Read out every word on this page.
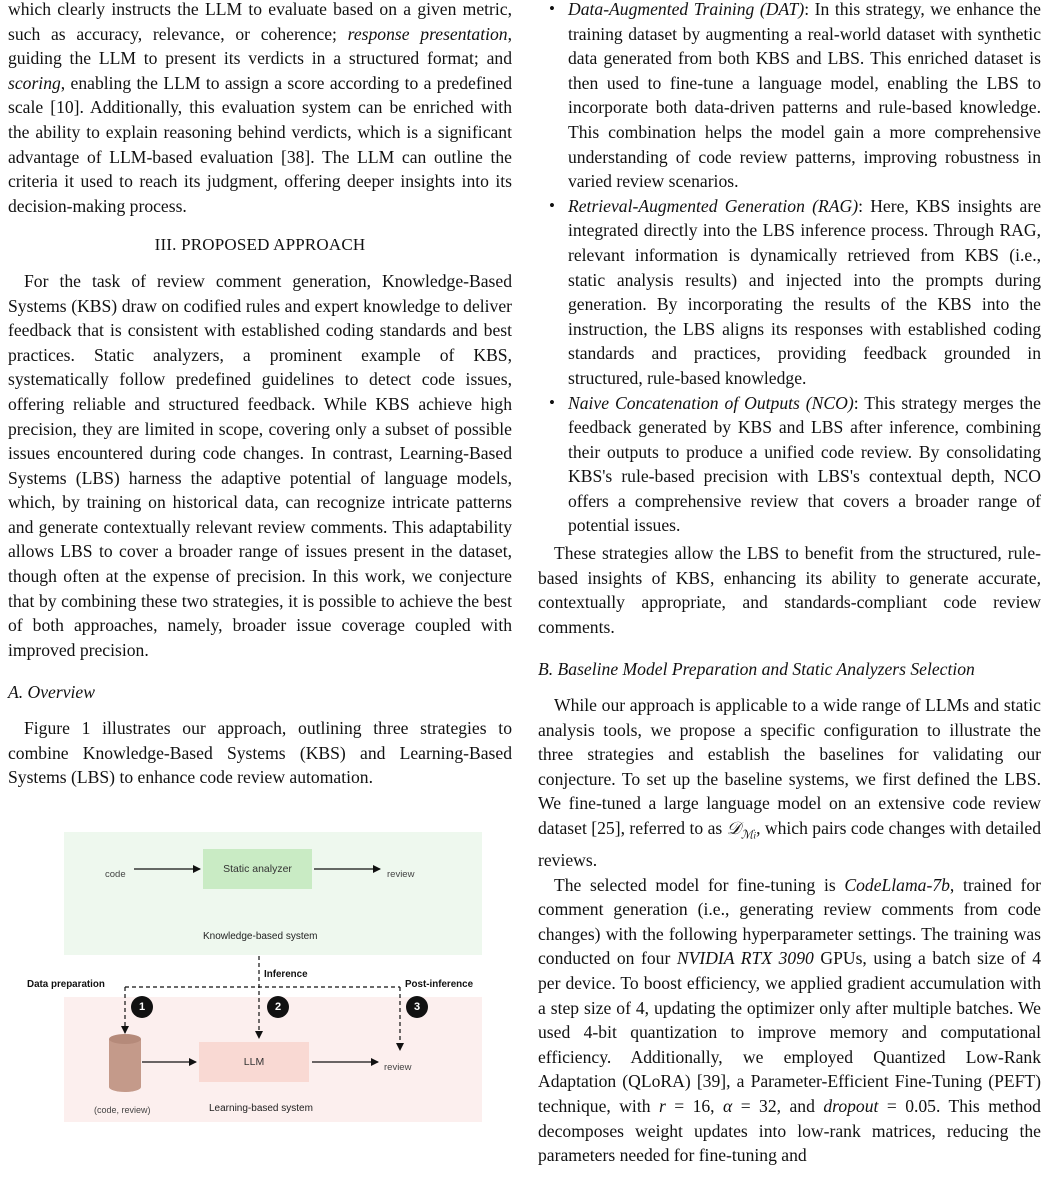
which clearly instructs the LLM to evaluate based on a given metric, such as accuracy, relevance, or coherence; response presentation, guiding the LLM to present its verdicts in a structured format; and scoring, enabling the LLM to assign a score according to a predefined scale [10]. Additionally, this evaluation system can be enriched with the ability to explain reasoning behind verdicts, which is a significant advantage of LLM-based evaluation [38]. The LLM can outline the criteria it used to reach its judgment, offering deeper insights into its decision-making process.

III. PROPOSED APPROACH

For the task of review comment generation, Knowledge-Based Systems (KBS) draw on codified rules and expert knowledge to deliver feedback that is consistent with established coding standards and best practices. Static analyzers, a prominent example of KBS, systematically follow predefined guidelines to detect code issues, offering reliable and structured feedback. While KBS achieve high precision, they are limited in scope, covering only a subset of possible issues encountered during code changes. In contrast, Learning-Based Systems (LBS) harness the adaptive potential of language models, which, by training on historical data, can recognize intricate patterns and generate contextually relevant review comments. This adaptability allows LBS to cover a broader range of issues present in the dataset, though often at the expense of precision. In this work, we conjecture that by combining these two strategies, it is possible to achieve the best of both approaches, namely, broader issue coverage coupled with improved precision.

A. Overview

Figure 1 illustrates our approach, outlining three strategies to combine Knowledge-Based Systems (KBS) and Learning-Based Systems (LBS) to enhance code review automation.

code	Static analyzer	review
Knowledge-based system
Inference
Data preparation	Post-inference
1	2	3
LLM	review
(code, review)	Learning-based system
• Data-Augmented Training (DAT): In this strategy, we enhance the training dataset by augmenting a real-world dataset with synthetic data generated from both KBS and LBS. This enriched dataset is then used to fine-tune a language model, enabling the LBS to incorporate both data-driven patterns and rule-based knowledge. This combination helps the model gain a more comprehensive understanding of code review patterns, improving robustness in varied review scenarios.
• Retrieval-Augmented Generation (RAG): Here, KBS insights are integrated directly into the LBS inference process. Through RAG, relevant information is dynamically retrieved from KBS (i.e., static analysis results) and injected into the prompts during generation. By incorporating the results of the KBS into the instruction, the LBS aligns its responses with established coding standards and practices, providing feedback grounded in structured, rule-based knowledge.
• Naive Concatenation of Outputs (NCO): This strategy merges the feedback generated by KBS and LBS after inference, combining their outputs to produce a unified code review. By consolidating KBS's rule-based precision with LBS's contextual depth, NCO offers a comprehensive review that covers a broader range of potential issues.

These strategies allow the LBS to benefit from the structured, rule-based insights of KBS, enhancing its ability to generate accurate, contextually appropriate, and standards-compliant code review comments.

B. Baseline Model Preparation and Static Analyzers Selection

While our approach is applicable to a wide range of LLMs and static analysis tools, we propose a specific configuration to illustrate the three strategies and establish the baselines for validating our conjecture. To set up the baseline systems, we first defined the LBS. We fine-tuned a large language model on an extensive code review dataset [25], referred to as 𝒟$_{ℳi}$, which pairs code changes with detailed reviews.

The selected model for fine-tuning is CodeLlama-7b, trained for comment generation (i.e., generating review comments from code changes) with the following hyperparameter settings. The training was conducted on four NVIDIA RTX 3090 GPUs, using a batch size of 4 per device. To boost efficiency, we applied gradient accumulation with a step size of 4, updating the optimizer only after multiple batches. We used 4-bit quantization to improve memory and computational efficiency. Additionally, we employed Quantized Low-Rank Adaptation (QLoRA) [39], a Parameter-Efficient Fine-Tuning (PEFT) technique, with r = 16, α = 32, and dropout = 0.05. This method decomposes weight updates into low-rank matrices, reducing the parameters needed for fine-tuning and
